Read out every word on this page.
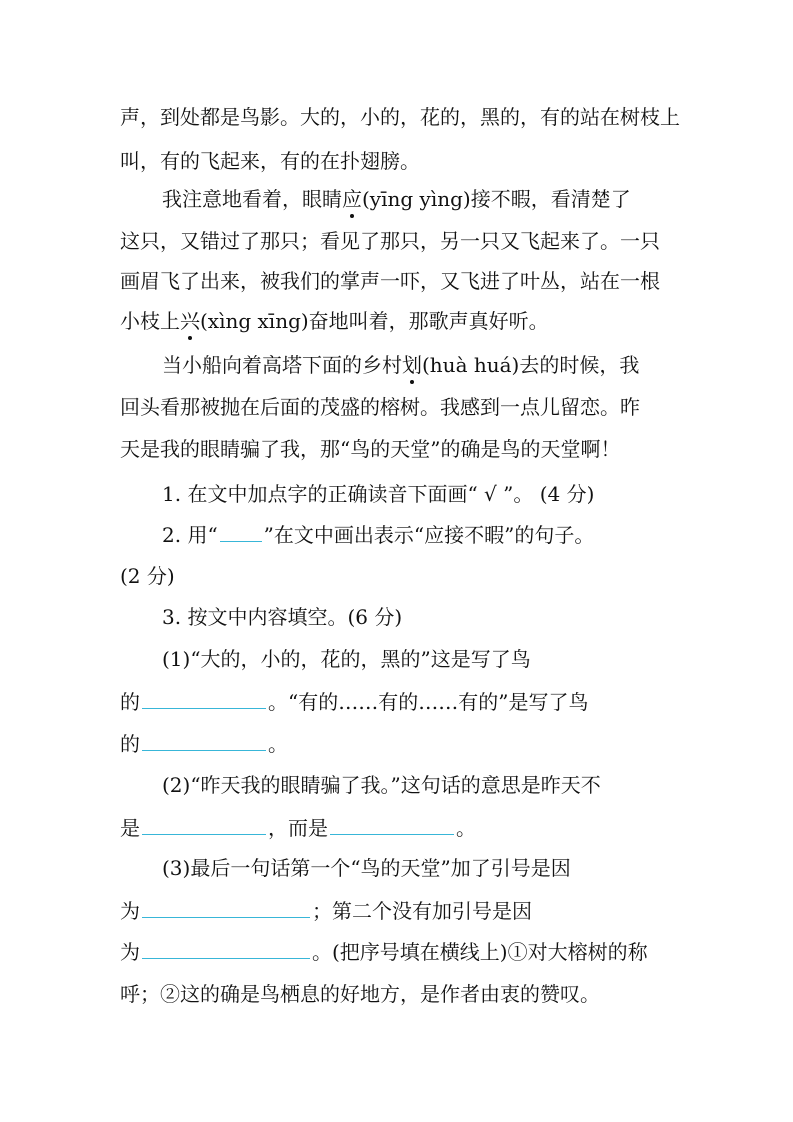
声，到处都是鸟影。大的，小的，花的，黑的，有的站在树枝上
叫，有的飞起来，有的在扑翅膀。
我注意地看着，眼睛应(yīng yìng)接不暇，看清楚了
这只，又错过了那只；看见了那只，另一只又飞起来了。一只
画眉飞了出来，被我们的掌声一吓，又飞进了叶丛，站在一根
小枝上兴(xìng xīng)奋地叫着，那歌声真好听。
当小船向着高塔下面的乡村划(huà huá)去的时候，我
回头看那被抛在后面的茂盛的榕树。我感到一点儿留恋。昨
天是我的眼睛骗了我，那“鸟的天堂”的确是鸟的天堂啊！
1. 在文中加点字的正确读音下面画“ √ ”。 (4 分)
2. 用“ ”在文中画出表示“应接不暇”的句子。
(2 分)
3. 按文中内容填空。(6 分)
(1)“大的，小的，花的，黑的”这是写了鸟
的	。“有的……有的……有的”是写了鸟
的	。
(2)“昨天我的眼睛骗了我。”这句话的意思是昨天不
是	，而是	。
(3)最后一句话第一个“鸟的天堂”加了引号是因
为	；第二个没有加引号是因
为	。(把序号填在横线上)①对大榕树的称
呼；②这的确是鸟栖息的好地方，是作者由衷的赞叹。
